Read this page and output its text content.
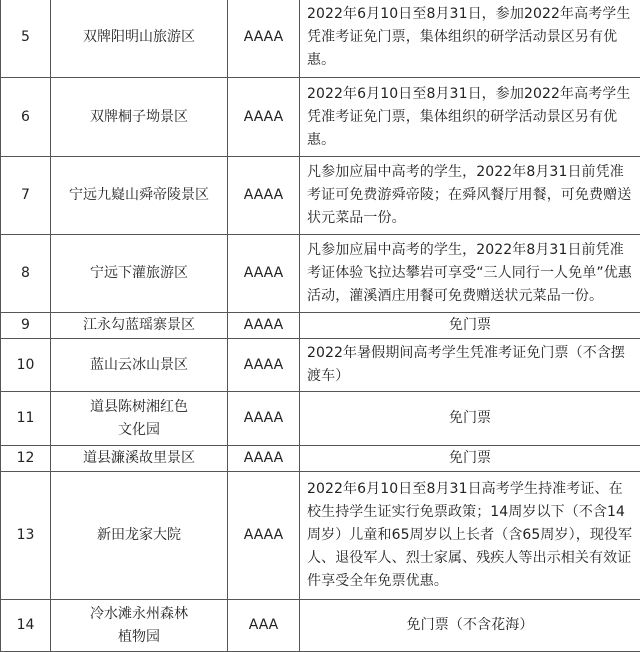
5	双牌阳明山旅游区	AAAA	2022年6月10日至8月31日，参加2022年高考学生凭准考证免门票，集体组织的研学活动景区另有优惠。
6	双牌桐子坳景区	AAAA	2022年6月10日至8月31日，参加2022年高考学生凭准考证免门票，集体组织的研学活动景区另有优惠。
7	宁远九嶷山舜帝陵景区	AAAA	凡参加应届中高考的学生，2022年8月31日前凭准考证可免费游舜帝陵；在舜风餐厅用餐，可免费赠送状元菜品一份。
8	宁远下灌旅游区	AAAA	凡参加应届中高考的学生，2022年8月31日前凭准考证体验飞拉达攀岩可享受“三人同行一人免单”优惠活动，灌溪酒庄用餐可免费赠送状元菜品一份。
9	江永勾蓝瑶寨景区	AAAA	免门票
10	蓝山云冰山景区	AAAA	2022年暑假期间高考学生凭准考证免门票（不含摆渡车）
11	道县陈树湘红色文化园	AAAA	免门票
12	道县濂溪故里景区	AAAA	免门票
13	新田龙家大院	AAAA	2022年6月10日至8月31日高考学生持准考证、在校生持学生证实行免票政策；14周岁以下（不含14周岁）儿童和65周岁以上长者（含65周岁），现役军人、退役军人、烈士家属、残疾人等出示相关有效证件享受全年免票优惠。
14	冷水滩永州森林植物园	AAA	免门票（不含花海）
